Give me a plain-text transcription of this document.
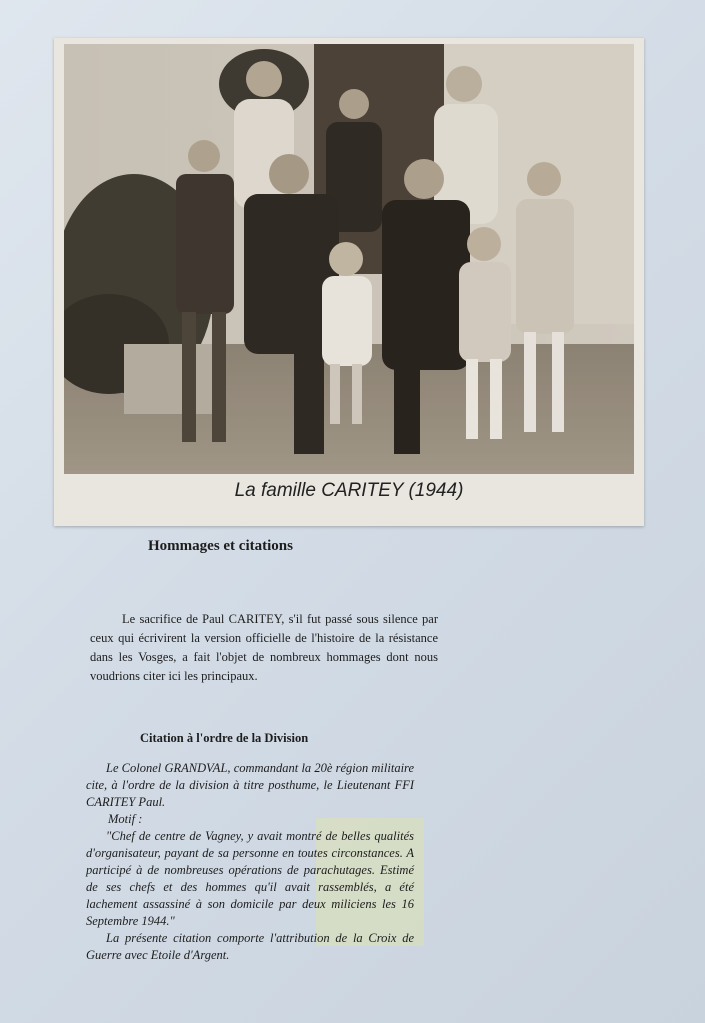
La famille CARITEY (1944)
Hommages et citations

Le sacrifice de Paul CARITEY, s'il fut passé sous silence par ceux qui écrivirent la version officielle de l'histoire de la résistance dans les Vosges, a fait l'objet de nombreux hommages dont nous voudrions citer ici les principaux.

Citation à l'ordre de la Division

Le Colonel GRANDVAL, commandant la 20è région militaire cite, à l'ordre de la division à titre posthume, le Lieutenant FFI CARITEY Paul.

Motif :

"Chef de centre de Vagney, y avait montré de belles qualités d'organisateur, payant de sa personne en toutes circonstances. A participé à de nombreuses opérations de parachutages. Estimé de ses chefs et des hommes qu'il avait rassemblés, a été lachement assassiné à son domicile par deux miliciens les 16 Septembre 1944."

La présente citation comporte l'attribution de la Croix de Guerre avec Etoile d'Argent.
